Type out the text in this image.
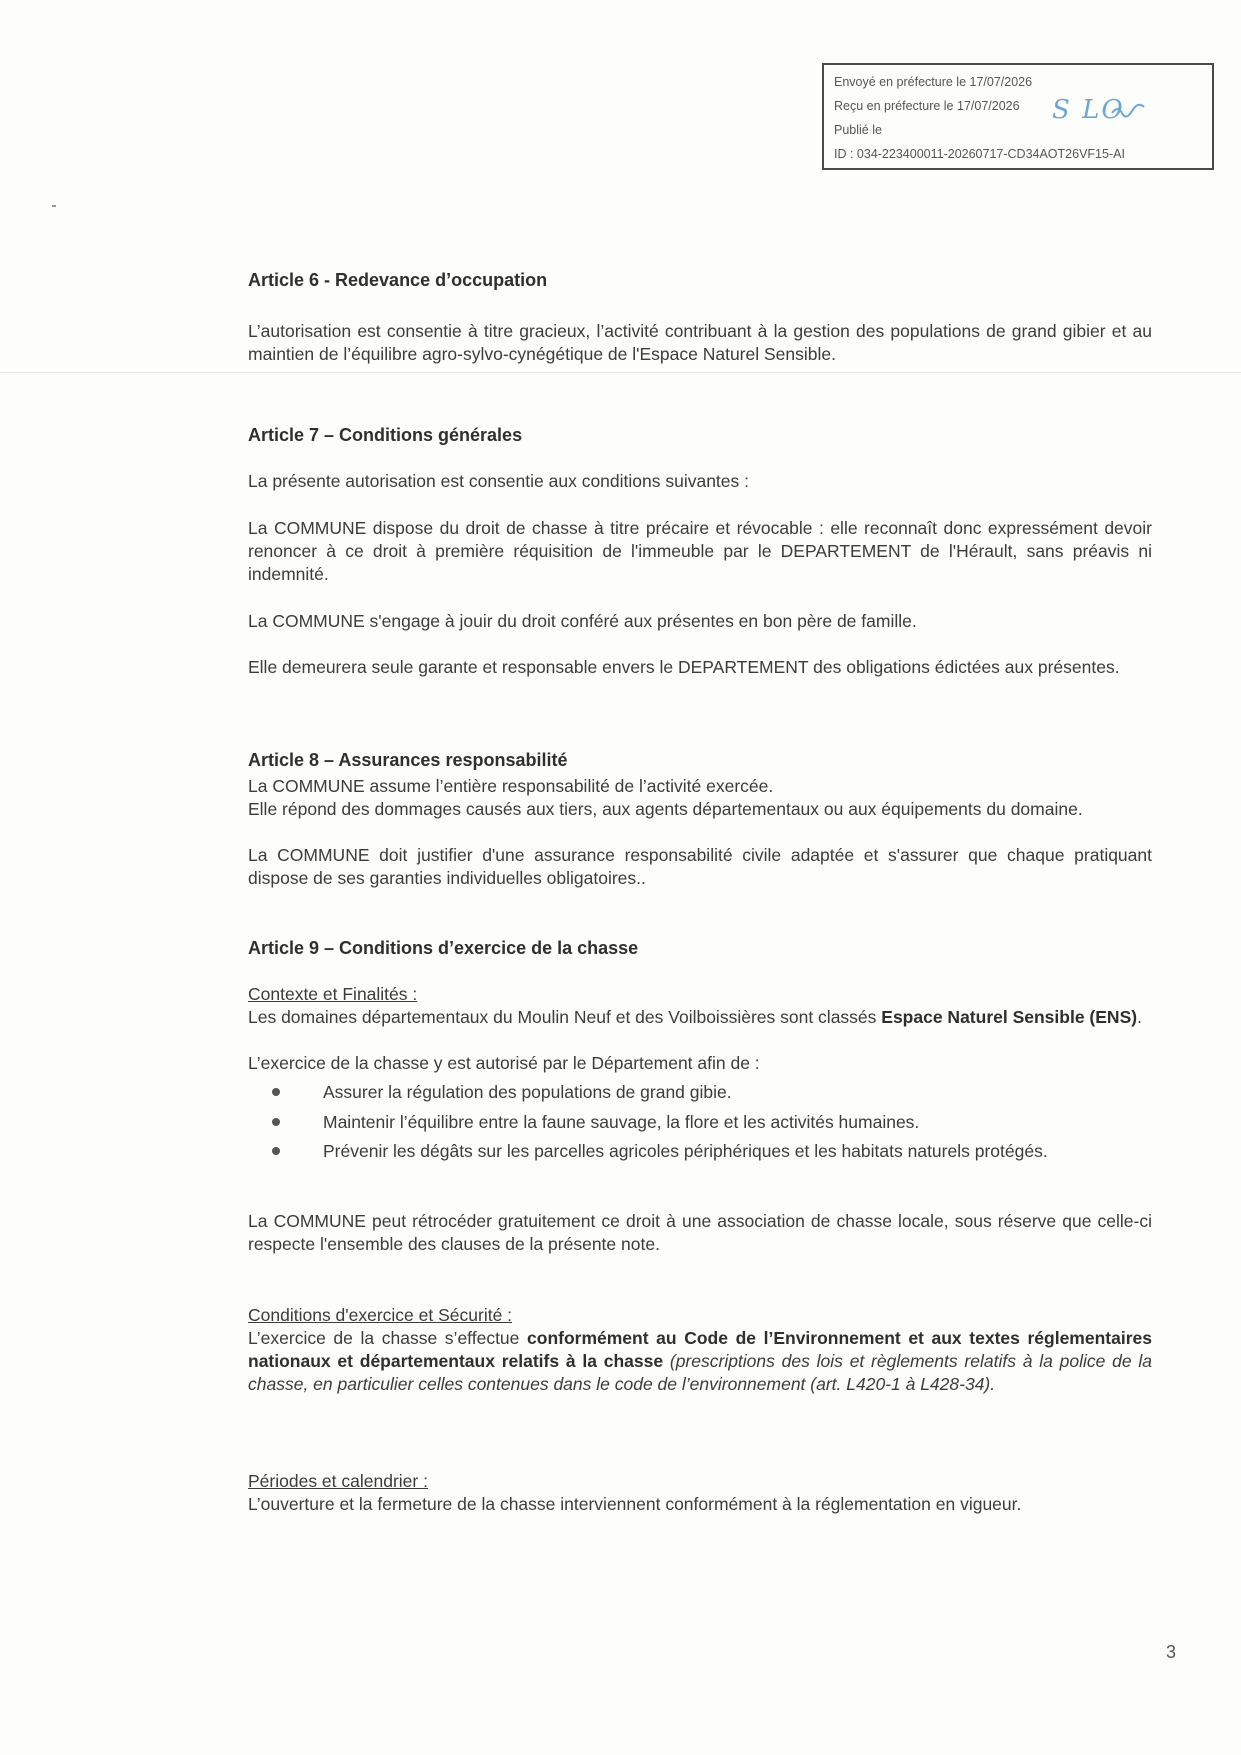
Envoyé en préfecture le 17/07/2026
Reçu en préfecture le 17/07/2026
Publié le
ID : 034-223400011-20260717-CD34AOT26VF15-AI
S LO
Article 6 - Redevance d’occupation
L’autorisation est consentie à titre gracieux, l’activité contribuant à la gestion des populations de grand gibier et au maintien de l’équilibre agro-sylvo-cynégétique de l'Espace Naturel Sensible.
Article 7 – Conditions générales
La présente autorisation est consentie aux conditions suivantes :
La COMMUNE dispose du droit de chasse à titre précaire et révocable : elle reconnaît donc expressément devoir renoncer à ce droit à première réquisition de l'immeuble par le DEPARTEMENT de l'Hérault, sans préavis ni indemnité.
La COMMUNE s'engage à jouir du droit conféré aux présentes en bon père de famille.
Elle demeurera seule garante et responsable envers le DEPARTEMENT des obligations édictées aux présentes.
Article 8 – Assurances responsabilité
La COMMUNE assume l’entière responsabilité de l’activité exercée.
Elle répond des dommages causés aux tiers, aux agents départementaux ou aux équipements du domaine.
La COMMUNE doit justifier d'une assurance responsabilité civile adaptée et s'assurer que chaque pratiquant dispose de ses garanties individuelles obligatoires..
Article 9 – Conditions d’exercice de la chasse
Contexte et Finalités :
Les domaines départementaux du Moulin Neuf et des Voilboissières sont classés Espace Naturel Sensible (ENS).
L’exercice de la chasse y est autorisé par le Département afin de :
Assurer la régulation des populations de grand gibie.
Maintenir l’équilibre entre la faune sauvage, la flore et les activités humaines.
Prévenir les dégâts sur les parcelles agricoles périphériques et les habitats naturels protégés.
La COMMUNE peut rétrocéder gratuitement ce droit à une association de chasse locale, sous réserve que celle-ci respecte l'ensemble des clauses de la présente note.
Conditions d'exercice et Sécurité :
L’exercice de la chasse s’effectue conformément au Code de l’Environnement et aux textes réglementaires nationaux et départementaux relatifs à la chasse (prescriptions des lois et règlements relatifs à la police de la chasse, en particulier celles contenues dans le code de l’environnement (art. L420-1 à L428-34).
Périodes et calendrier :
L’ouverture et la fermeture de la chasse interviennent conformément à la réglementation en vigueur.
3
